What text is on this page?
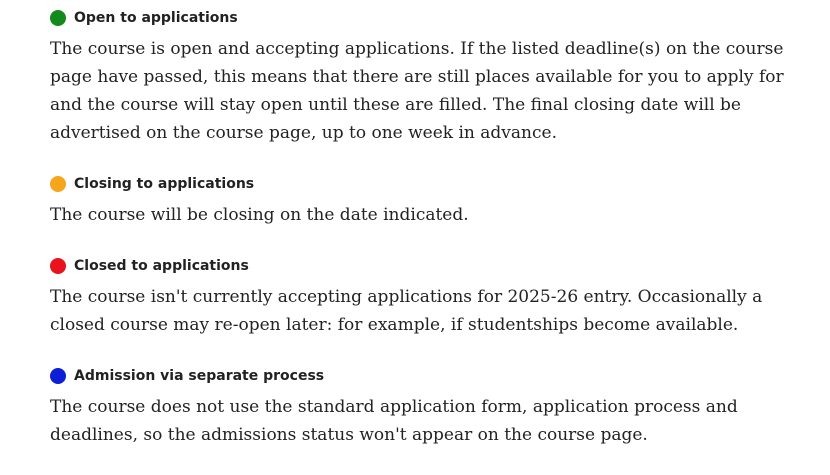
Open to applications

The course is open and accepting applications. If the listed deadline(s) on the course page have passed, this means that there are still places available for you to apply for and the course will stay open until these are filled. The final closing date will be advertised on the course page, up to one week in advance.

Closing to applications

The course will be closing on the date indicated.

Closed to applications

The course isn't currently accepting applications for 2025-26 entry. Occasionally a closed course may re-open later: for example, if studentships become available.

Admission via separate process

The course does not use the standard application form, application process and deadlines, so the admissions status won't appear on the course page.
